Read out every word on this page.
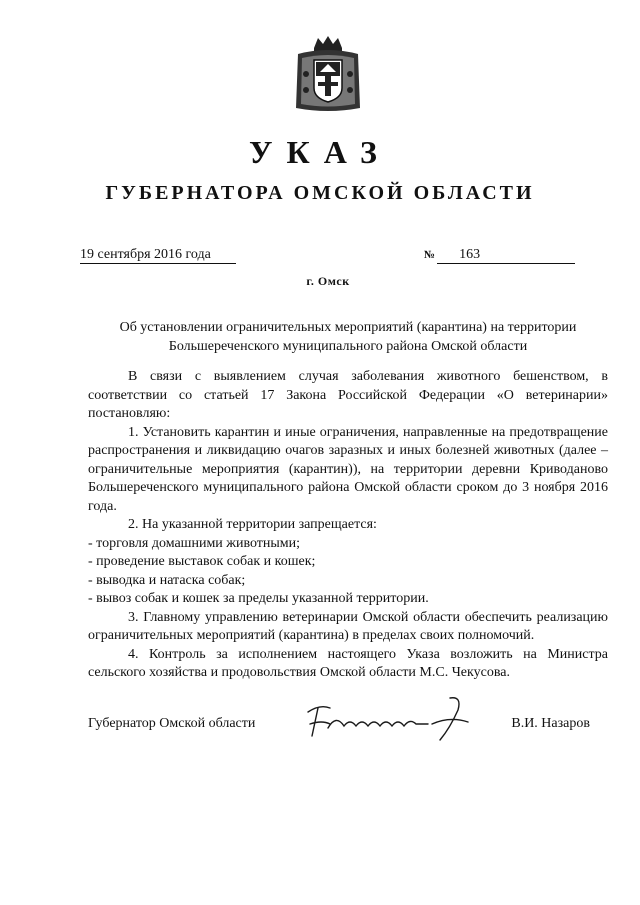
УКАЗ
ГУБЕРНАТОРА ОМСКОЙ ОБЛАСТИ
19 сентября 2016 года	№ 163
г. Омск
Об установлении ограничительных мероприятий (карантина) на территории Большереченского муниципального района Омской области

В связи с выявлением случая заболевания животного бешенством, в соответствии со статьей 17 Закона Российской Федерации «О ветеринарии» постановляю:

1. Установить карантин и иные ограничения, направленные на предотвращение распространения и ликвидацию очагов заразных и иных болезней животных (далее – ограничительные мероприятия (карантин)), на территории деревни Криводаново Большереченского муниципального района Омской области сроком до 3 ноября 2016 года.

2. На указанной территории запрещается:

- торговля домашними животными;

- проведение выставок собак и кошек;

- выводка и натаска собак;

- вывоз собак и кошек за пределы указанной территории.

3. Главному управлению ветеринарии Омской области обеспечить реализацию ограничительных мероприятий (карантина) в пределах своих полномочий.

4. Контроль за исполнением настоящего Указа возложить на Министра сельского хозяйства и продовольствия Омской области М.С. Чекусова.

Губернатор Омской области	В.И. Назаров
